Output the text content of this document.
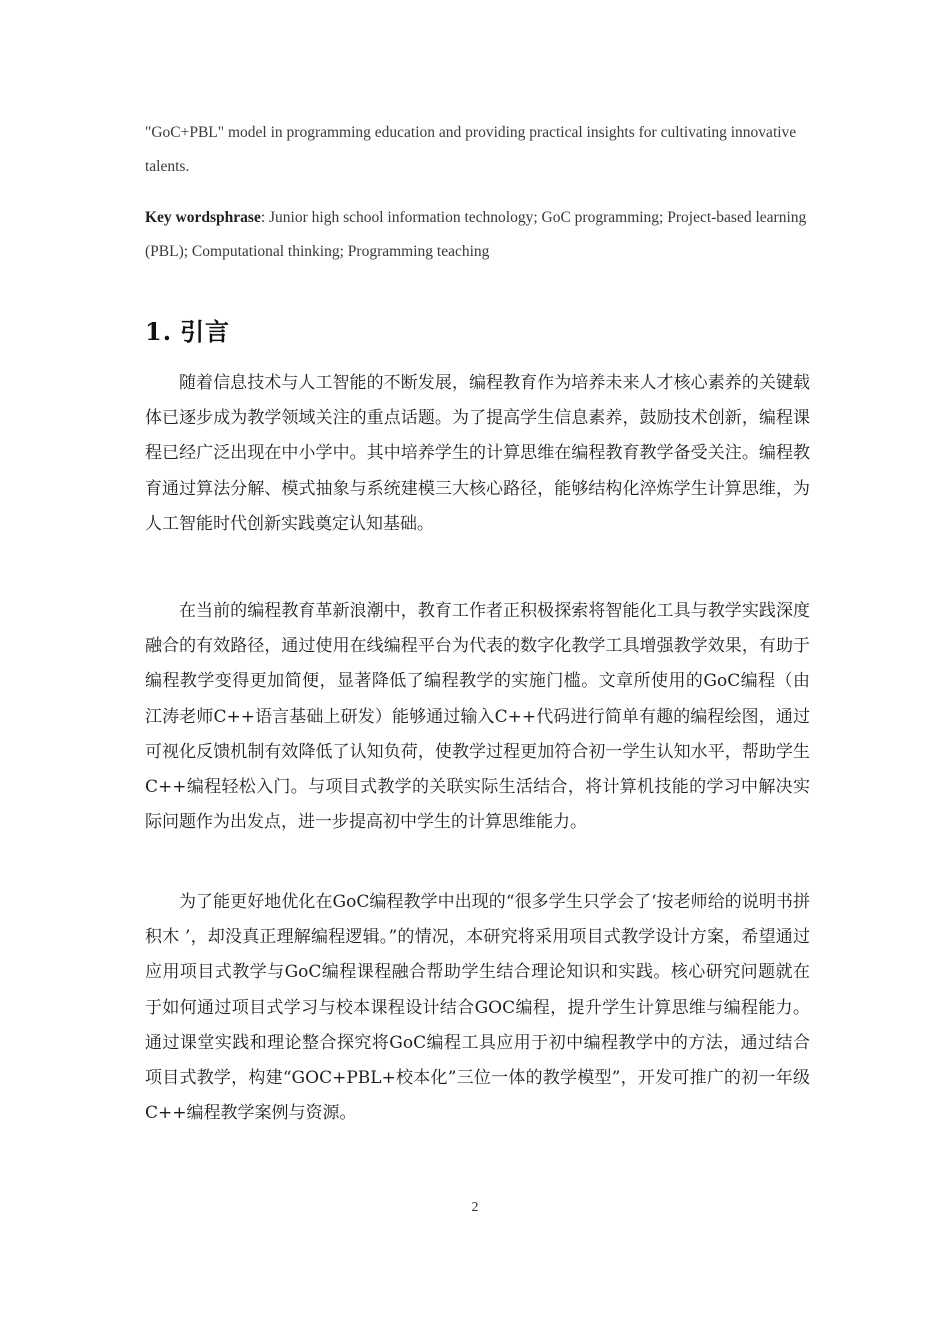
"GoC+PBL" model in programming education and providing practical insights for cultivating innovative talents.

Key wordsphrase: Junior high school information technology; GoC programming; Project-based learning (PBL); Computational thinking; Programming teaching

1. 引言

随着信息技术与人工智能的不断发展，编程教育作为培养未来人才核心素养的关键载体已逐步成为教学领域关注的重点话题。为了提高学生信息素养，鼓励技术创新，编程课程已经广泛出现在中小学中。其中培养学生的计算思维在编程教育教学备受关注。编程教育通过算法分解、模式抽象与系统建模三大核心路径，能够结构化淬炼学生计算思维，为人工智能时代创新实践奠定认知基础。

在当前的编程教育革新浪潮中，教育工作者正积极探索将智能化工具与教学实践深度融合的有效路径，通过使用在线编程平台为代表的数字化教学工具增强教学效果，有助于编程教学变得更加简便，显著降低了编程教学的实施门槛。文章所使用的GoC编程（由江涛老师C++语言基础上研发）能够通过输入C++代码进行简单有趣的编程绘图，通过可视化反馈机制有效降低了认知负荷，使教学过程更加符合初一学生认知水平，帮助学生C++编程轻松入门。与项目式教学的关联实际生活结合，将计算机技能的学习中解决实际问题作为出发点，进一步提高初中学生的计算思维能力。

为了能更好地优化在GoC编程教学中出现的“很多学生只学会了‘按老师给的说明书拼积木 ’，却没真正理解编程逻辑。”的情况，本研究将采用项目式教学设计方案，希望通过应用项目式教学与GoC编程课程融合帮助学生结合理论知识和实践。核心研究问题就在于如何通过项目式学习与校本课程设计结合GOC编程，提升学生计算思维与编程能力。通过课堂实践和理论整合探究将GoC编程工具应用于初中编程教学中的方法，通过结合项目式教学，构建“GOC+PBL+校本化”三位一体的教学模型”，开发可推广的初一年级C++编程教学案例与资源。

2
